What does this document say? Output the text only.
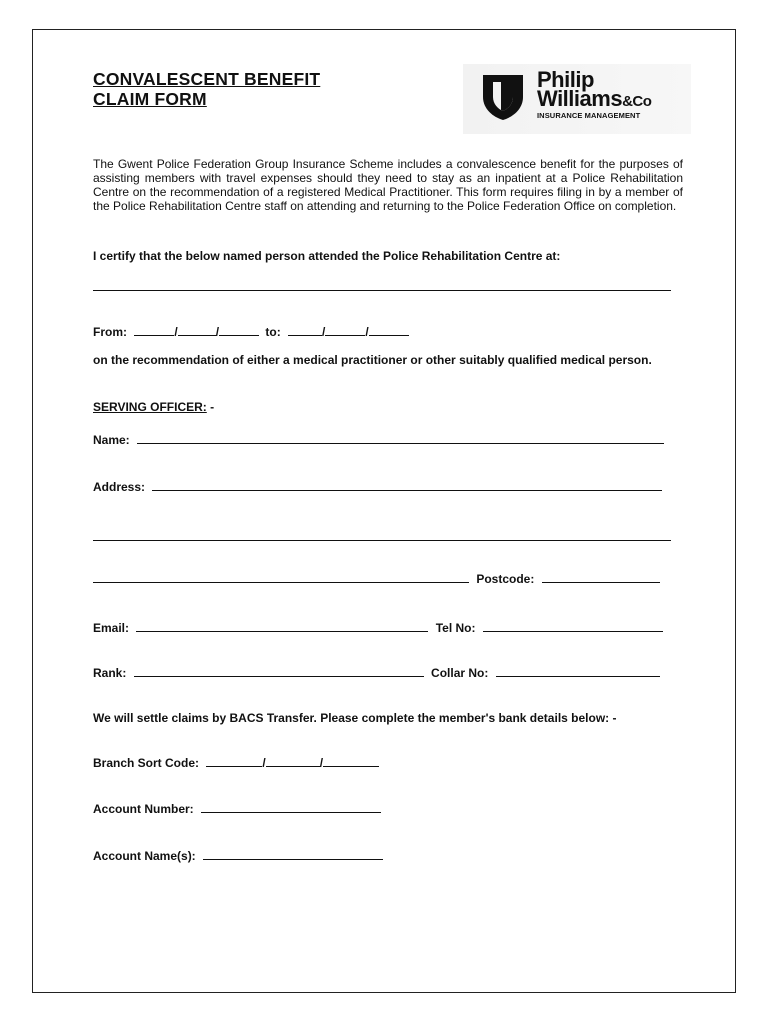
CONVALESCENT BENEFIT
CLAIM FORM
Philip
Williams&Co
INSURANCE MANAGEMENT

The Gwent Police Federation Group Insurance Scheme includes a convalescence benefit for the purposes of assisting members with travel expenses should they need to stay as an inpatient at a Police Rehabilitation Centre on the recommendation of a registered Medical Practitioner. This form requires filing in by a member of the Police Rehabilitation Centre staff on attending and returning to the Police Federation Office on completion.

I certify that the below named person attended the Police Rehabilitation Centre at:
From:	/	/	to:	/	/
on the recommendation of either a medical practitioner or other suitably qualified medical person.
SERVING OFFICER: -
Name:
Address:
Postcode:
Email:	Tel No:
Rank:	Collar No:
We will settle claims by BACS Transfer. Please complete the member's bank details below: -
Branch Sort Code:	/	/
Account Number:
Account Name(s):
